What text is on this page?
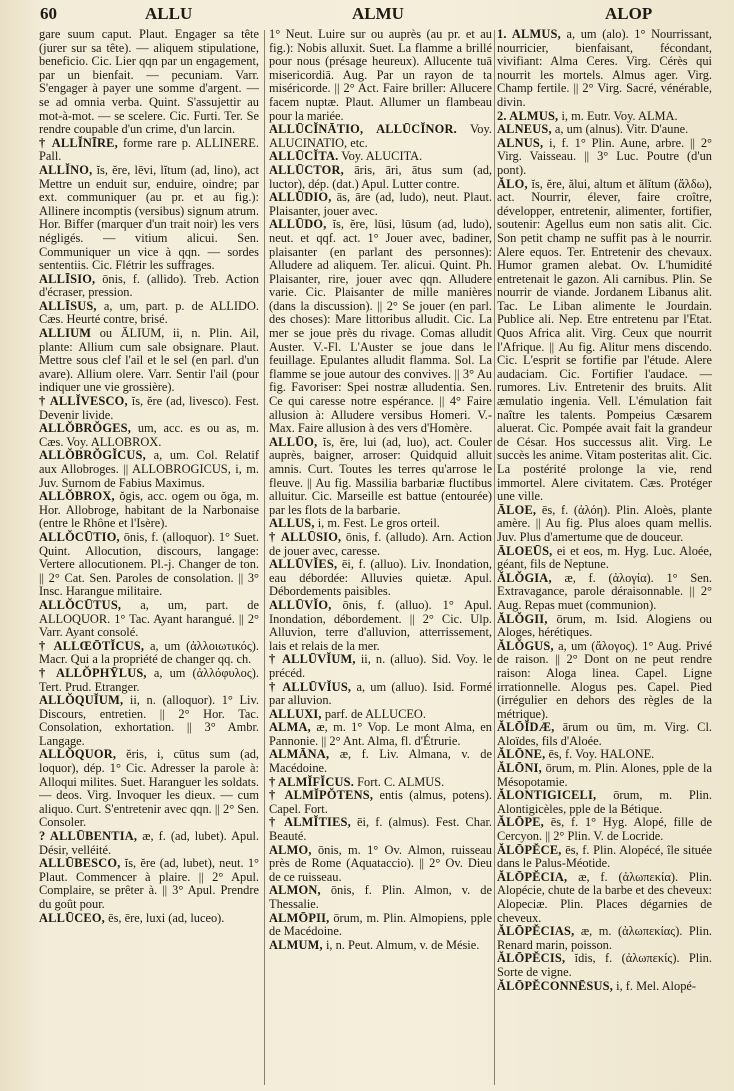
60	ALLU	ALMU	ALOP

gare suum caput. Plaut. Engager sa tête (jurer sur sa tête). — aliquem stipulatione, beneficio. Cic. Lier qqn par un engagement, par un bienfait. — pecuniam. Varr. S'engager à payer une somme d'argent. — se ad omnia verba. Quint. S'assujettir au mot-à-mot. — se scelere. Cic. Furti. Ter. Se rendre coupable d'un crime, d'un larcin.

† ALLĬNĪRE, forme rare p. ALLINERE. Pall.

ALLĬNO, ĭs, ĕre, lēvi, lĭtum (ad, lino), act Mettre un enduit sur, enduire, oindre; par ext. communiquer (au pr. et au fig.): Allinere incomptis (versibus) signum atrum. Hor. Biffer (marquer d'un trait noir) les vers négligés. — vitium alicui. Sen. Communiquer un vice à qqn. — sordes sententiis. Cic. Flétrir les suffrages.

ALLĪSIO, ōnis, f. (allido). Treb. Action d'écraser, pression.

ALLĪSUS, a, um, part. p. de ALLIDO. Cæs. Heurté contre, brisé.

ALLIUM ou ĀLIUM, ii, n. Plin. Ail, plante: Allium cum sale obsignare. Plaut. Mettre sous clef l'ail et le sel (en parl. d'un avare). Allium olere. Varr. Sentir l'ail (pour indiquer une vie grossière).

† ALLĬVESCO, ĭs, ĕre (ad, livesco). Fest. Devenir livide.

ALLŎBRŎGES, um, acc. es ou as, m. Cæs. Voy. ALLOBROX.

ALLŎBRŎGĬCUS, a, um. Col. Relatif aux Allobroges. || ALLOBROGICUS, i, m. Juv. Surnom de Fabius Maximus.

ALLŎBROX, ŏgis, acc. ogem ou ŏga, m. Hor. Allobroge, habitant de la Narbonaise (entre le Rhône et l'Isère).

ALLŎCŪTIO, ōnis, f. (alloquor). 1° Suet. Quint. Allocution, discours, langage: Vertere allocutionem. Pl.-j. Changer de ton. || 2° Cat. Sen. Paroles de consolation. || 3° Insc. Harangue militaire.

ALLŎCŪTUS, a, um, part. de ALLOQUOR. 1° Tac. Ayant harangué. || 2° Varr. Ayant consolé.

† ALLŒŌTĬCUS, a, um (ἀλλοιωτικός). Macr. Qui a la propriété de changer qq. ch.

† ALLŎPHȲLUS, a, um (ἀλλόφυλος). Tert. Prud. Etranger.

ALLŎQUĬUM, ii, n. (alloquor). 1° Liv. Discours, entretien. || 2° Hor. Tac. Consolation, exhortation. || 3° Ambr. Langage.

ALLŎQUOR, ĕris, i, cūtus sum (ad, loquor), dép. 1° Cic. Adresser la parole à: Alloqui milites. Suet. Haranguer les soldats. — deos. Virg. Invoquer les dieux. — cum aliquo. Curt. S'entretenir avec qqn. || 2° Sen. Consoler.

? ALLŪBENTIA, æ, f. (ad, lubet). Apul. Désir, velléité.

ALLŪBESCO, ĭs, ĕre (ad, lubet), neut. 1° Plaut. Commencer à plaire. || 2° Apul. Complaire, se prêter à. || 3° Apul. Prendre du goût pour.

ALLŪCEO, ēs, ēre, luxi (ad, luceo).

1° Neut. Luire sur ou auprès (au pr. et au fig.): Nobis alluxit. Suet. La flamme a brillé pour nous (présage heureux). Allucente tuā misericordiā. Aug. Par un rayon de ta miséricorde. || 2° Act. Faire briller: Allucere facem nuptæ. Plaut. Allumer un flambeau pour la mariée.

ALLŪCĬNĀTIO, ALLŪCĬNOR. Voy. ALUCINATIO, etc.

ALLŪCĬTA. Voy. ALUCITA.

ALLŪCTOR, āris, āri, ātus sum (ad, luctor), dép. (dat.) Apul. Lutter contre.

ALLŪDIO, ās, āre (ad, ludo), neut. Plaut. Plaisanter, jouer avec.

ALLŪDO, ĭs, ĕre, lūsi, lūsum (ad, ludo), neut. et qqf. act. 1° Jouer avec, badiner, plaisanter (en parlant des personnes): Alludere ad aliquem. Ter. alicui. Quint. Ph. Plaisanter, rire, jouer avec qqn. Alludere varie. Cic. Plaisanter de mille manières (dans la discussion). || 2° Se jouer (en parl. des choses): Mare littoribus alludit. Cic. La mer se joue près du rivage. Comas alludit Auster. V.-Fl. L'Auster se joue dans le feuillage. Epulantes alludit flamma. Sol. La flamme se joue autour des convives. || 3° Au fig. Favoriser: Spei nostræ alludentia. Sen. Ce qui caresse notre espérance. || 4° Faire allusion à: Alludere versibus Homeri. V.-Max. Faire allusion à des vers d'Homère.

ALLŪO, ĭs, ĕre, lui (ad, luo), act. Couler auprès, baigner, arroser: Quidquid alluit amnis. Curt. Toutes les terres qu'arrose le fleuve. || Au fig. Massilia barbariæ fluctibus alluitur. Cic. Marseille est battue (entourée) par les flots de la barbarie.

ALLUS, i, m. Fest. Le gros orteil.

† ALLŪSIO, ōnis, f. (alludo). Arn. Action de jouer avec, caresse.

ALLŪVĬES, ēi, f. (alluo). Liv. Inondation, eau débordée: Alluvies quietæ. Apul. Débordements paisibles.

ALLŪVĬO, ōnis, f. (alluo). 1° Apul. Inondation, débordement. || 2° Cic. Ulp. Alluvion, terre d'alluvion, atterrissement, lais et relais de la mer.

† ALLŪVĬUM, ii, n. (alluo). Sid. Voy. le précéd.

† ALLŪVĬUS, a, um (alluo). Isid. Formé par alluvion.

ALLUXI, parf. de ALLUCEO.

ALMA, æ, m. 1° Vop. Le mont Alma, en Pannonie. || 2° Ant. Alma, fl. d'Étrurie.

ALMĀNA, æ, f. Liv. Almana, v. de Macédoine.

† ALMĬFĬCUS. Fort. C. ALMUS.

† ALMĬPŎTENS, entis (almus, potens). Capel. Fort.

† ALMĬTIES, ēi, f. (almus). Fest. Char. Beauté.

ALMO, ōnis, m. 1° Ov. Almon, ruisseau près de Rome (Aquataccio). || 2° Ov. Dieu de ce ruisseau.

ALMON, ōnis, f. Plin. Almon, v. de Thessalie.

ALMŌPII, ōrum, m. Plin. Almopiens, pple de Macédoine.

ALMUM, i, n. Peut. Almum, v. de Mésie.

1. ALMUS, a, um (alo). 1° Nourrissant, nourricier, bienfaisant, fécondant, vivifiant: Alma Ceres. Virg. Cérès qui nourrit les mortels. Almus ager. Virg. Champ fertile. || 2° Virg. Sacré, vénérable, divin.

2. ALMUS, i, m. Eutr. Voy. ALMA.

ALNEUS, a, um (alnus). Vitr. D'aune.

ALNUS, i, f. 1° Plin. Aune, arbre. || 2° Virg. Vaisseau. || 3° Luc. Poutre (d'un pont).

ĂLO, ĭs, ĕre, ălui, altum et ălĭtum (ἄλδω), act. Nourrir, élever, faire croître, développer, entretenir, alimenter, fortifier, soutenir: Agellus eum non satis alit. Cic. Son petit champ ne suffit pas à le nourrir. Alere equos. Ter. Entretenir des chevaux. Humor gramen alebat. Ov. L'humidité entretenait le gazon. Ali carnibus. Plin. Se nourrir de viande. Jordanem Libanus alit. Tac. Le Liban alimente le Jourdain. Publice ali. Nep. Etre entretenu par l'Etat. Quos Africa alit. Virg. Ceux que nourrit l'Afrique. || Au fig. Alitur mens discendo. Cic. L'esprit se fortifie par l'étude. Alere audaciam. Cic. Fortifier l'audace. — rumores. Liv. Entretenir des bruits. Alit æmulatio ingenia. Vell. L'émulation fait naître les talents. Pompeius Cæsarem aluerat. Cic. Pompée avait fait la grandeur de César. Hos successus alit. Virg. Le succès les anime. Vitam posteritas alit. Cic. La postérité prolonge la vie, rend immortel. Alere civitatem. Cæs. Protéger une ville.

ĀLOE, ēs, f. (ἀλόη). Plin. Aloès, plante amère. || Au fig. Plus aloes quam mellis. Juv. Plus d'amertume que de douceur.

ĀLOEŪS, ei et eos, m. Hyg. Luc. Aloée, géant, fils de Neptune.

ĂLŎGIA, æ, f. (ἀλογία). 1° Sen. Extravagance, parole déraisonnable. || 2° Aug. Repas muet (communion).

ĂLŎGII, ōrum, m. Isid. Alogiens ou Aloges, hérétiques.

ĂLŎGUS, a, um (ἄλογος). 1° Aug. Privé de raison. || 2° Dont on ne peut rendre raison: Aloga linea. Capel. Ligne irrationnelle. Alogus pes. Capel. Pied (irrégulier en dehors des règles de la métrique).

ĂLŌĬDÆ, ārum ou ūm, m. Virg. Cl. Aloïdes, fils d'Aloée.

ĂLŌNE, ēs, f. Voy. HALONE.

ĂLŌNI, ōrum, m. Plin. Alones, pple de la Mésopotamie.

ĂLONTIGICELI, ōrum, m. Plin. Alontigicèles, pple de la Bétique.

ĂLŌPE, ēs, f. 1° Hyg. Alopé, fille de Cercyon. || 2° Plin. V. de Locride.

ĂLŌPĔCE, ēs, f. Plin. Alopécé, île située dans le Palus-Méotide.

ĂLŌPĔCIA, æ, f. (ἀλωπεκία). Plin. Alopécie, chute de la barbe et des cheveux: Alopeciæ. Plin. Places dégarnies de cheveux.

ĂLŌPĔCIAS, æ, m. (ἀλωπεκίας). Plin. Renard marin, poisson.

ĂLŌPĔCIS, ĭdis, f. (ἀλωπεκίς). Plin. Sorte de vigne.

ĂLŌPĔCONNĒSUS, i, f. Mel. Alopé-
